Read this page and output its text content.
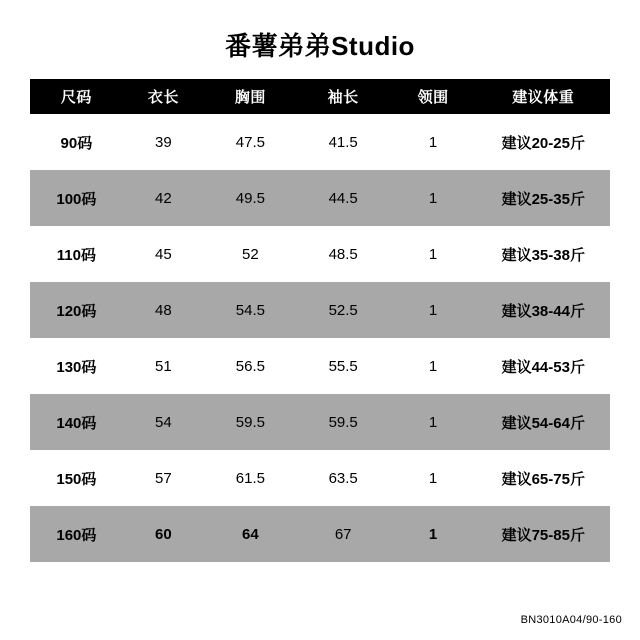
番薯弟弟Studio
尺码	衣长	胸围	袖长	领围	建议体重
90码	39	47.5	41.5	1	建议20-25斤
100码	42	49.5	44.5	1	建议25-35斤
110码	45	52	48.5	1	建议35-38斤
120码	48	54.5	52.5	1	建议38-44斤
130码	51	56.5	55.5	1	建议44-53斤
140码	54	59.5	59.5	1	建议54-64斤
150码	57	61.5	63.5	1	建议65-75斤
160码	60	64	67	1	建议75-85斤
BN3010A04/90-160
